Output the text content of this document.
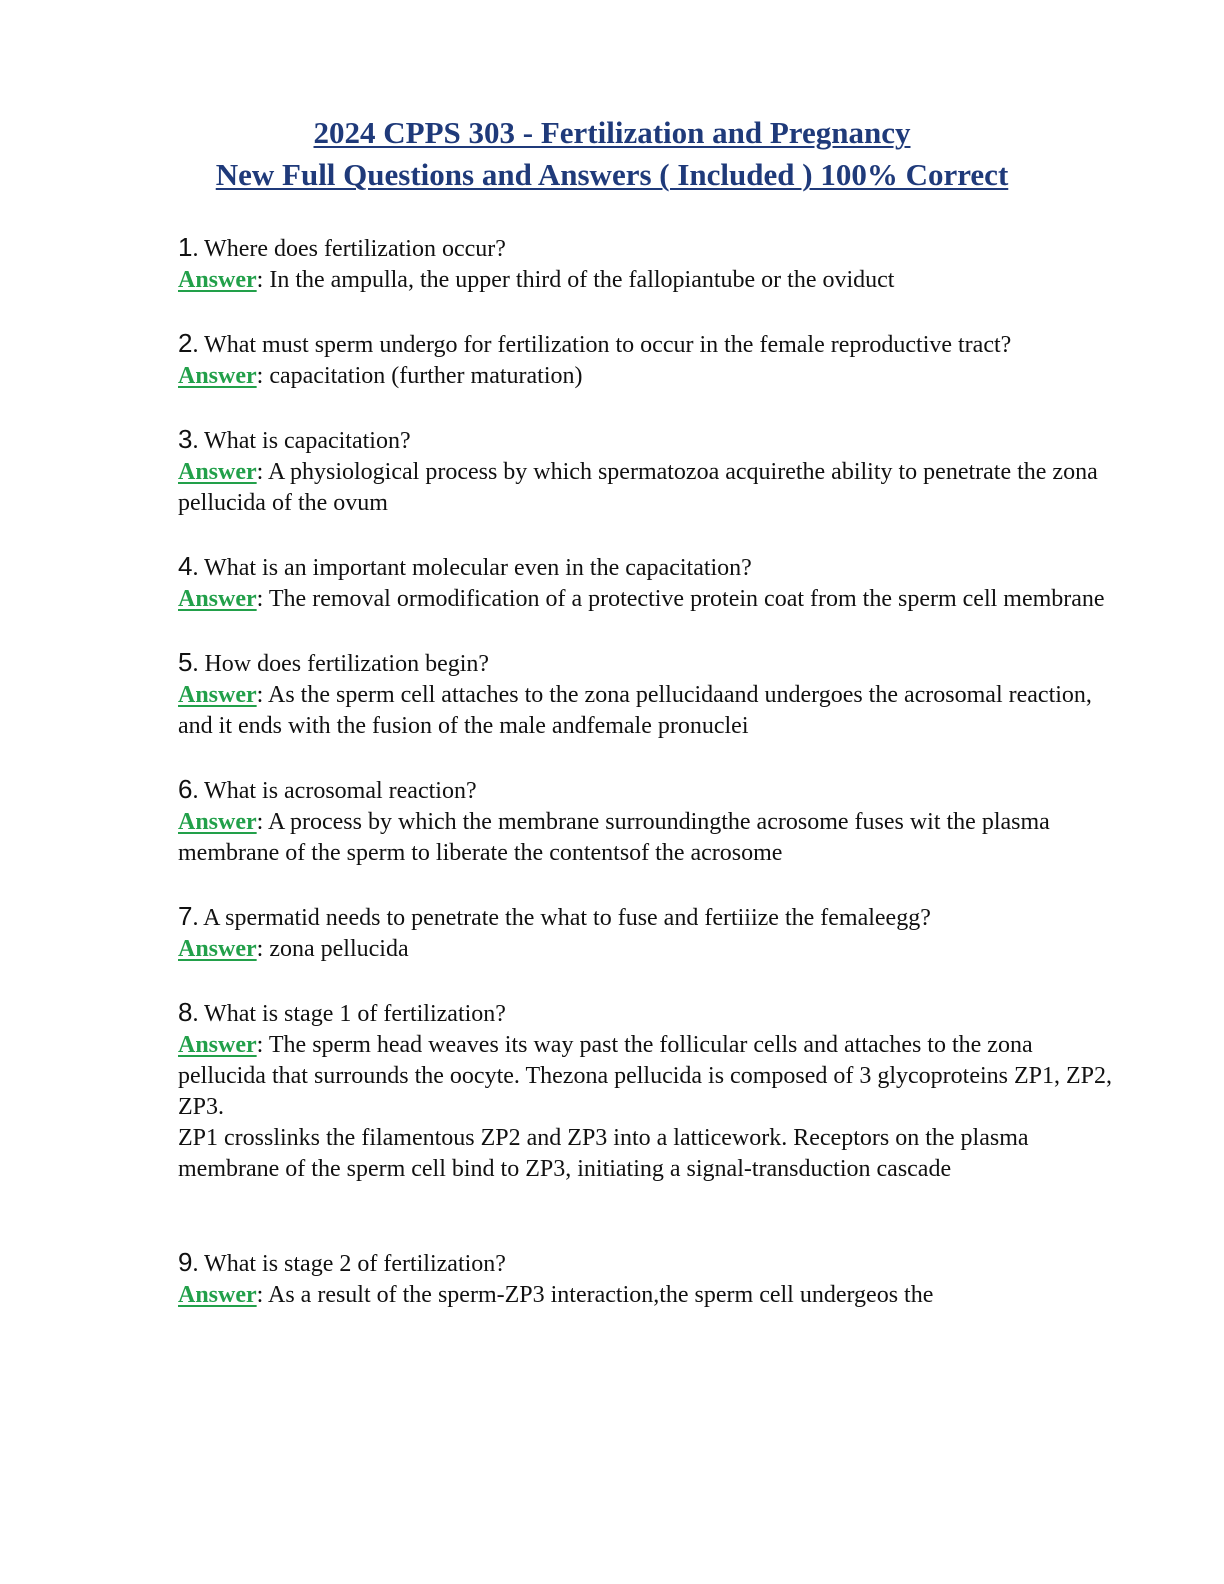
2024 CPPS 303 - Fertilization and Pregnancy
New Full Questions and Answers ( Included ) 100% Correct

1. Where does fertilization occur?

Answer: In the ampulla, the upper third of the fallopiantube or the oviduct

2. What must sperm undergo for fertilization to occur in the female reproductive tract?

Answer: capacitation (further maturation)

3. What is capacitation?

Answer: A physiological process by which spermatozoa acquirethe ability to penetrate the zona pellucida of the ovum

4. What is an important molecular even in the capacitation?

Answer: The removal ormodification of a protective protein coat from the sperm cell membrane

5. How does fertilization begin?

Answer: As the sperm cell attaches to the zona pellucidaand undergoes the acrosomal reaction, and it ends with the fusion of the male andfemale pronuclei

6. What is acrosomal reaction?

Answer: A process by which the membrane surroundingthe acrosome fuses wit the plasma membrane of the sperm to liberate the contentsof the acrosome

7. A spermatid needs to penetrate the what to fuse and fertiiize the femaleegg?

Answer: zona pellucida

8. What is stage 1 of fertilization?

Answer: The sperm head weaves its way past the follicular cells and attaches to the zona pellucida that surrounds the oocyte. Thezona pellucida is composed of 3 glycoproteins ZP1, ZP2, ZP3.

ZP1 crosslinks the filamentous ZP2 and ZP3 into a latticework. Receptors on the plasma membrane of the sperm cell bind to ZP3, initiating a signal-transduction cascade

9. What is stage 2 of fertilization?

Answer: As a result of the sperm-ZP3 interaction,the sperm cell undergeos the
